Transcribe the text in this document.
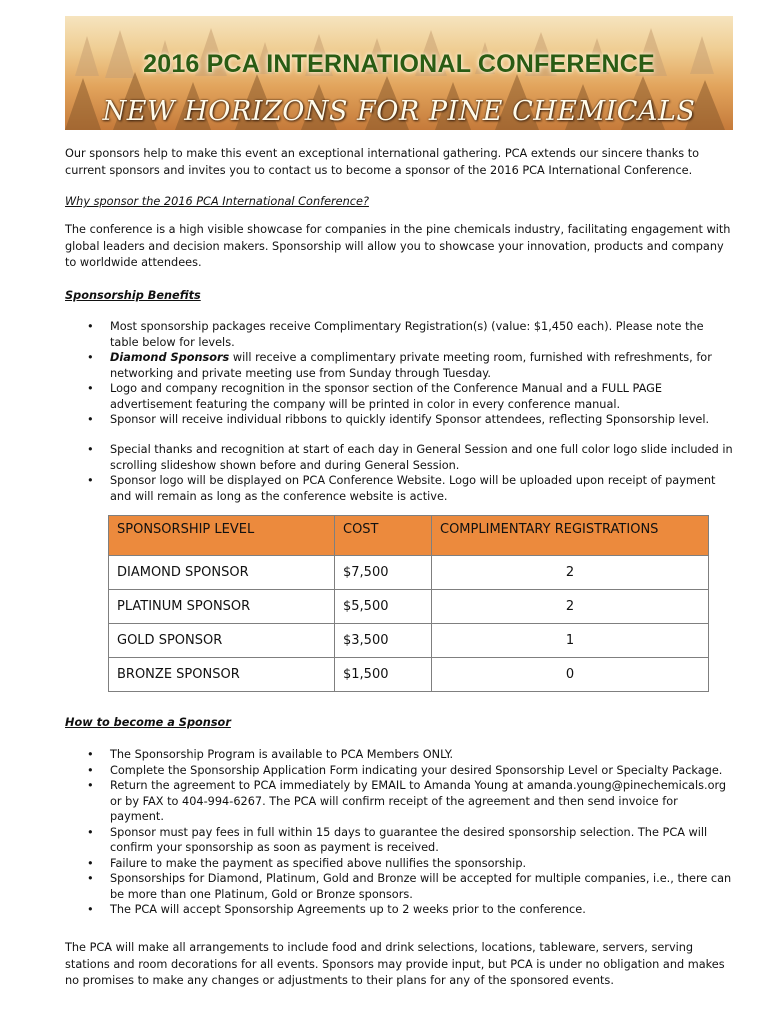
2016 PCA INTERNATIONAL CONFERENCE
NEW HORIZONS FOR PINE CHEMICALS
Our sponsors help to make this event an exceptional international gathering. PCA extends our sincere thanks to current sponsors and invites you to contact us to become a sponsor of the 2016 PCA International Conference.
Why sponsor the 2016 PCA International Conference?
The conference is a high visible showcase for companies in the pine chemicals industry, facilitating engagement with global leaders and decision makers. Sponsorship will allow you to showcase your innovation, products and company to worldwide attendees.
Sponsorship Benefits
• Most sponsorship packages receive Complimentary Registration(s) (value: $1,450 each). Please note the table below for levels.
• Diamond Sponsors will receive a complimentary private meeting room, furnished with refreshments, for networking and private meeting use from Sunday through Tuesday.
• Logo and company recognition in the sponsor section of the Conference Manual and a FULL PAGE advertisement featuring the company will be printed in color in every conference manual.
• Sponsor will receive individual ribbons to quickly identify Sponsor attendees, reflecting Sponsorship level.
• Special thanks and recognition at start of each day in General Session and one full color logo slide included in scrolling slideshow shown before and during General Session.
• Sponsor logo will be displayed on PCA Conference Website. Logo will be uploaded upon receipt of payment and will remain as long as the conference website is active.
SPONSORSHIP LEVEL	COST	COMPLIMENTARY REGISTRATIONS
DIAMOND SPONSOR	$7,500	2
PLATINUM SPONSOR	$5,500	2
GOLD SPONSOR	$3,500	1
BRONZE SPONSOR	$1,500	0
How to become a Sponsor
• The Sponsorship Program is available to PCA Members ONLY.
• Complete the Sponsorship Application Form indicating your desired Sponsorship Level or Specialty Package.
• Return the agreement to PCA immediately by EMAIL to Amanda Young at amanda.young@pinechemicals.org or by FAX to 404-994-6267. The PCA will confirm receipt of the agreement and then send invoice for payment.
• Sponsor must pay fees in full within 15 days to guarantee the desired sponsorship selection. The PCA will confirm your sponsorship as soon as payment is received.
• Failure to make the payment as specified above nullifies the sponsorship.
• Sponsorships for Diamond, Platinum, Gold and Bronze will be accepted for multiple companies, i.e., there can be more than one Platinum, Gold or Bronze sponsors.
• The PCA will accept Sponsorship Agreements up to 2 weeks prior to the conference.
The PCA will make all arrangements to include food and drink selections, locations, tableware, servers, serving stations and room decorations for all events. Sponsors may provide input, but PCA is under no obligation and makes no promises to make any changes or adjustments to their plans for any of the sponsored events.
